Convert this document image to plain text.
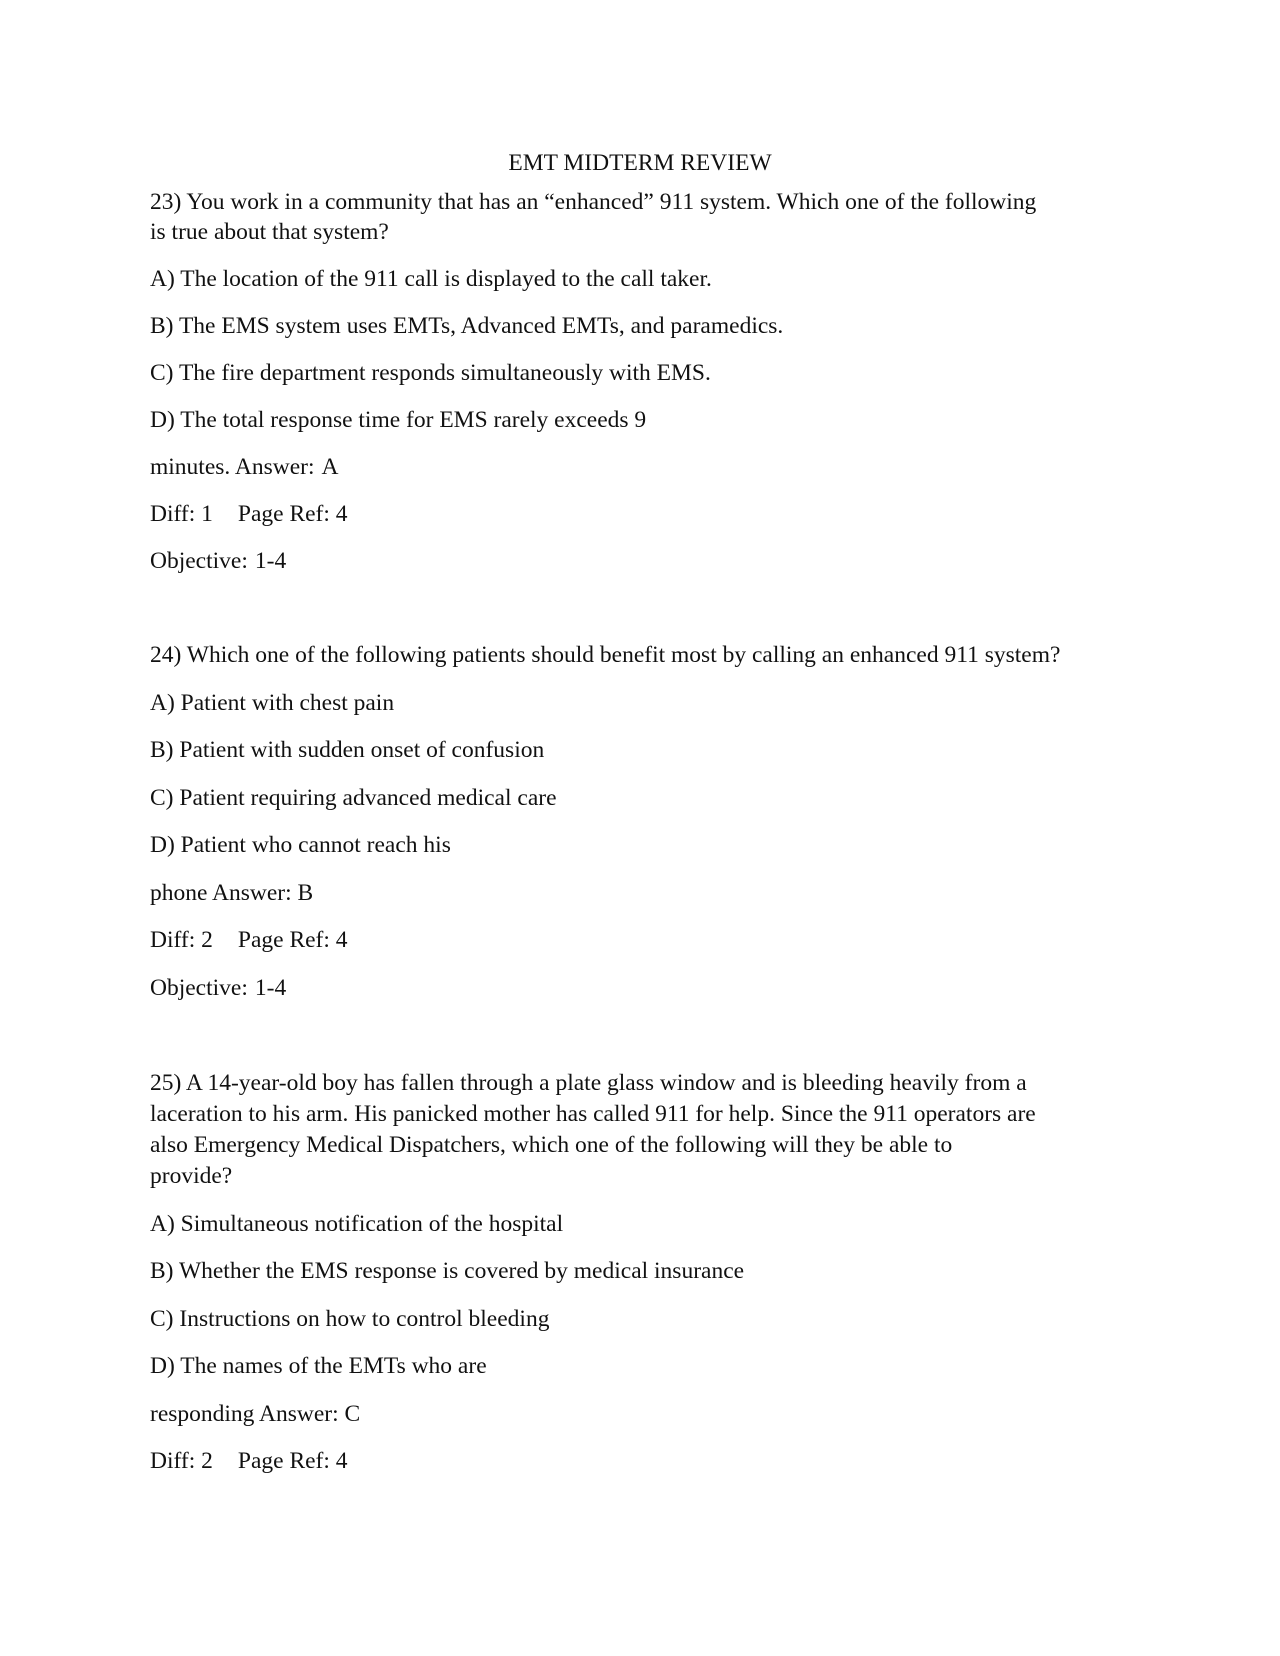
EMT MIDTERM REVIEW
23) You work in a community that has an “enhanced” 911 system. Which one of the following
is true about that system?
A) The location of the 911 call is displayed to the call taker.
B) The EMS system uses EMTs, Advanced EMTs, and paramedics.
C) The fire department responds simultaneously with EMS.
D) The total response time for EMS rarely exceeds 9
minutes. Answer: A
Diff: 1 Page Ref: 4
Objective: 1-4
24) Which one of the following patients should benefit most by calling an enhanced 911 system?
A) Patient with chest pain
B) Patient with sudden onset of confusion
C) Patient requiring advanced medical care
D) Patient who cannot reach his
phone Answer: B
Diff: 2 Page Ref: 4
Objective: 1-4
25) A 14-year-old boy has fallen through a plate glass window and is bleeding heavily from a
laceration to his arm. His panicked mother has called 911 for help. Since the 911 operators are
also Emergency Medical Dispatchers, which one of the following will they be able to
provide?
A) Simultaneous notification of the hospital
B) Whether the EMS response is covered by medical insurance
C) Instructions on how to control bleeding
D) The names of the EMTs who are
responding Answer: C
Diff: 2 Page Ref: 4
